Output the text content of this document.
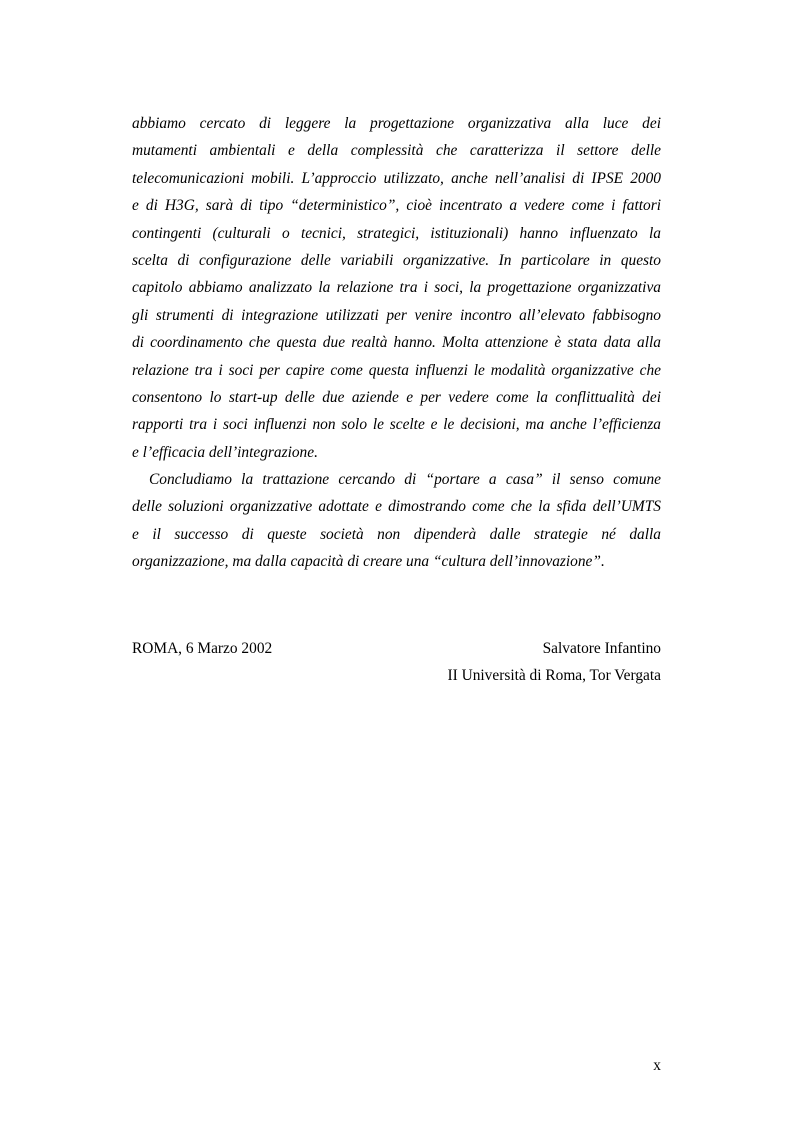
abbiamo cercato di leggere la progettazione organizzativa alla luce dei
mutamenti ambientali e della complessità che caratterizza il settore delle
telecomunicazioni mobili. L’approccio utilizzato, anche nell’analisi di IPSE 2000
e di H3G, sarà di tipo “deterministico”, cioè incentrato a vedere come i fattori
contingenti (culturali o tecnici, strategici, istituzionali) hanno influenzato la
scelta di configurazione delle variabili organizzative. In particolare in questo
capitolo abbiamo analizzato la relazione tra i soci, la progettazione organizzativa
gli strumenti di integrazione utilizzati per venire incontro all’elevato fabbisogno
di coordinamento che questa due realtà hanno. Molta attenzione è stata data alla
relazione tra i soci per capire come questa influenzi le modalità organizzative che
consentono lo start-up delle due aziende e per vedere come la conflittualità dei
rapporti tra i soci influenzi non solo le scelte e le decisioni, ma anche l’efficienza
e l’efficacia dell’integrazione.
Concludiamo la trattazione cercando di “portare a casa” il senso comune
delle soluzioni organizzative adottate e dimostrando come che la sfida dell’UMTS
e il successo di queste società non dipenderà dalle strategie né dalla
organizzazione, ma dalla capacità di creare una “cultura dell’innovazione”.
ROMA, 6 Marzo 2002	Salvatore Infantino
II Università di Roma, Tor Vergata
x
